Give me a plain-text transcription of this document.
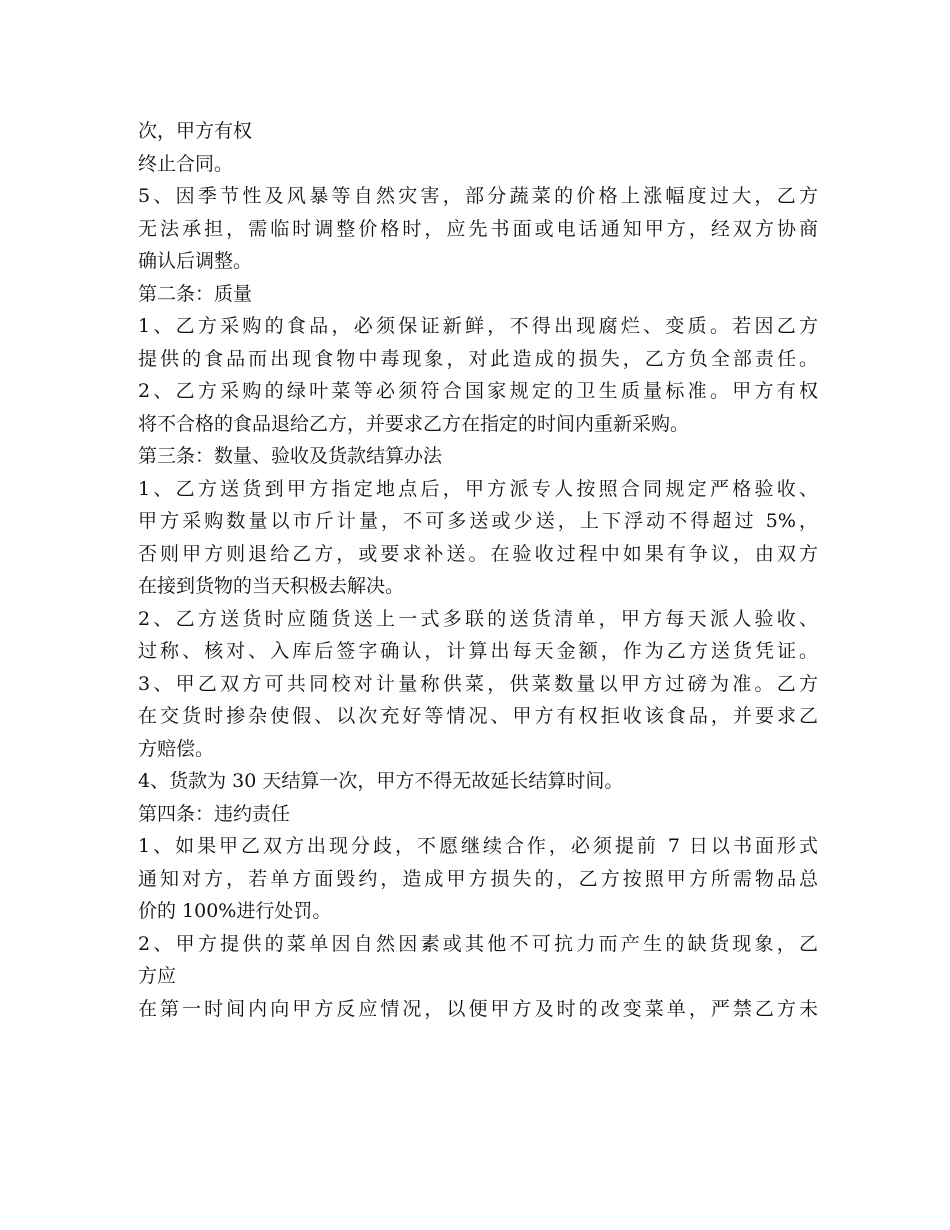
次，甲方有权
终止合同。
5、因季节性及风暴等自然灾害，部分蔬菜的价格上涨幅度过大，乙方
无法承担，需临时调整价格时，应先书面或电话通知甲方，经双方协商
确认后调整。
第二条：质量
1、乙方采购的食品，必须保证新鲜，不得出现腐烂、变质。若因乙方
提供的食品而出现食物中毒现象，对此造成的损失，乙方负全部责任。
2、乙方采购的绿叶菜等必须符合国家规定的卫生质量标准。甲方有权
将不合格的食品退给乙方，并要求乙方在指定的时间内重新采购。
第三条：数量、验收及货款结算办法
1、乙方送货到甲方指定地点后，甲方派专人按照合同规定严格验收、
甲方采购数量以市斤计量，不可多送或少送，上下浮动不得超过 5%，
否则甲方则退给乙方，或要求补送。在验收过程中如果有争议，由双方
在接到货物的当天积极去解决。
2、乙方送货时应随货送上一式多联的送货清单，甲方每天派人验收、
过称、核对、入库后签字确认，计算出每天金额，作为乙方送货凭证。
3、甲乙双方可共同校对计量称供菜，供菜数量以甲方过磅为准。乙方
在交货时掺杂使假、以次充好等情况、甲方有权拒收该食品，并要求乙
方赔偿。
4、货款为 30 天结算一次，甲方不得无故延长结算时间。
第四条：违约责任
1、如果甲乙双方出现分歧，不愿继续合作，必须提前 7 日以书面形式
通知对方，若单方面毁约，造成甲方损失的，乙方按照甲方所需物品总
价的 100%进行处罚。
2、甲方提供的菜单因自然因素或其他不可抗力而产生的缺货现象，乙
方应
在第一时间内向甲方反应情况，以便甲方及时的改变菜单，严禁乙方未
